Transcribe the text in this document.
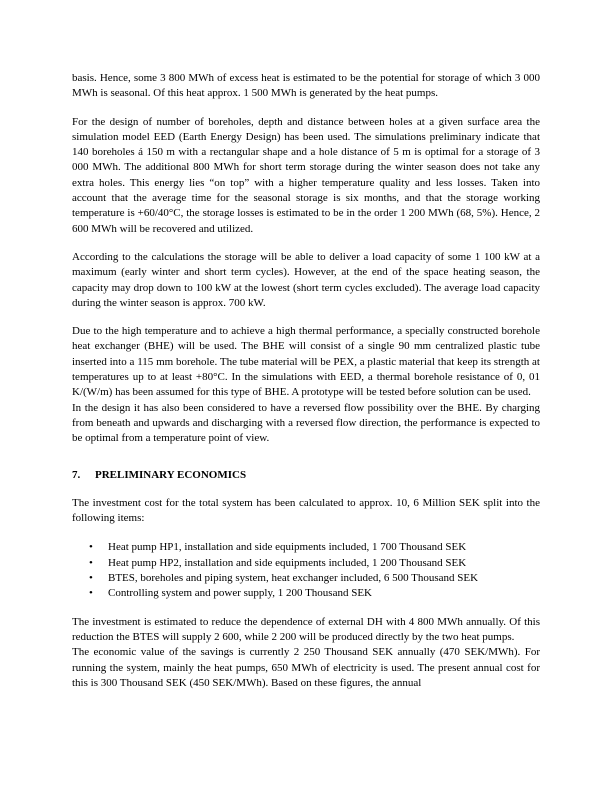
basis. Hence, some 3 800 MWh of excess heat is estimated to be the potential for storage of which 3 000 MWh is seasonal. Of this heat approx. 1 500 MWh is generated by the heat pumps.

For the design of number of boreholes, depth and distance between holes at a given surface area the simulation model EED (Earth Energy Design) has been used. The simulations preliminary indicate that 140 boreholes á 150 m with a rectangular shape and a hole distance of 5 m is optimal for a storage of 3 000 MWh. The additional 800 MWh for short term storage during the winter season does not take any extra holes. This energy lies “on top” with a higher temperature quality and less losses. Taken into account that the average time for the seasonal storage is six months, and that the storage working temperature is +60/40°C, the storage losses is estimated to be in the order 1 200 MWh (68, 5%). Hence, 2 600 MWh will be recovered and utilized.

According to the calculations the storage will be able to deliver a load capacity of some 1 100 kW at a maximum (early winter and short term cycles). However, at the end of the space heating season, the capacity may drop down to 100 kW at the lowest (short term cycles excluded). The average load capacity during the winter season is approx. 700 kW.

Due to the high temperature and to achieve a high thermal performance, a specially constructed borehole heat exchanger (BHE) will be used. The BHE will consist of a single 90 mm centralized plastic tube inserted into a 115 mm borehole. The tube material will be PEX, a plastic material that keep its strength at temperatures up to at least +80°C. In the simulations with EED, a thermal borehole resistance of 0, 01 K/(W/m) has been assumed for this type of BHE. A prototype will be tested before solution can be used.

In the design it has also been considered to have a reversed flow possibility over the BHE. By charging from beneath and upwards and discharging with a reversed flow direction, the performance is expected to be optimal from a temperature point of view.

7. PRELIMINARY ECONOMICS

The investment cost for the total system has been calculated to approx. 10, 6 Million SEK split into the following items:

• Heat pump HP1, installation and side equipments included, 1 700 Thousand SEK
• Heat pump HP2, installation and side equipments included, 1 200 Thousand SEK
• BTES, boreholes and piping system, heat exchanger included, 6 500 Thousand SEK
• Controlling system and power supply, 1 200 Thousand SEK

The investment is estimated to reduce the dependence of external DH with 4 800 MWh annually. Of this reduction the BTES will supply 2 600, while 2 200 will be produced directly by the two heat pumps.

The economic value of the savings is currently 2 250 Thousand SEK annually (470 SEK/MWh). For running the system, mainly the heat pumps, 650 MWh of electricity is used. The present annual cost for this is 300 Thousand SEK (450 SEK/MWh). Based on these figures, the annual
